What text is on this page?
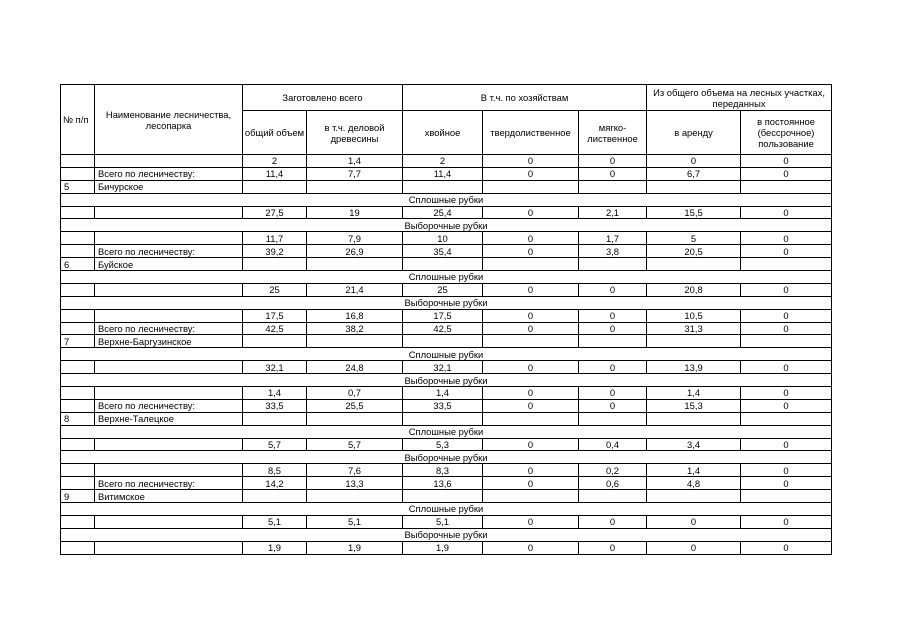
№ п/п	Наименование лесничества, лесопарка	Заготовлено всего		В т.ч. по хозяйствам			Из общего объема на лесных участках, переданных	
		общий объем	в т.ч. деловой древесины	хвойное	твердолиственное	мягко-лиственное	в аренду	в постоянное (бессрочное) пользование
		2	1,4	2	0	0	0	0
	Всего по лесничеству:	11,4	7,7	11,4	0	0	6,7	0
5	Бичурское							
Сплошные рубки								
		27,5	19	25,4	0	2,1	15,5	0
Выборочные рубки								
		11,7	7,9	10	0	1,7	5	0
	Всего по лесничеству:	39,2	26,9	35,4	0	3,8	20,5	0
6	Буйское							
Сплошные рубки								
		25	21,4	25	0	0	20,8	0
Выборочные рубки								
		17,5	16,8	17,5	0	0	10,5	0
	Всего по лесничеству:	42,5	38,2	42,5	0	0	31,3	0
7	Верхне-Баргузинское							
Сплошные рубки								
		32,1	24,8	32,1	0	0	13,9	0
Выборочные рубки								
		1,4	0,7	1,4	0	0	1,4	0
	Всего по лесничеству:	33,5	25,5	33,5	0	0	15,3	0
8	Верхне-Талецкое							
Сплошные рубки								
		5,7	5,7	5,3	0	0,4	3,4	0
Выборочные рубки								
		8,5	7,6	8,3	0	0,2	1,4	0
	Всего по лесничеству:	14,2	13,3	13,6	0	0,6	4,8	0
9	Витимское							
Сплошные рубки								
		5,1	5,1	5,1	0	0	0	0
Выборочные рубки								
		1,9	1,9	1,9	0	0	0	0
